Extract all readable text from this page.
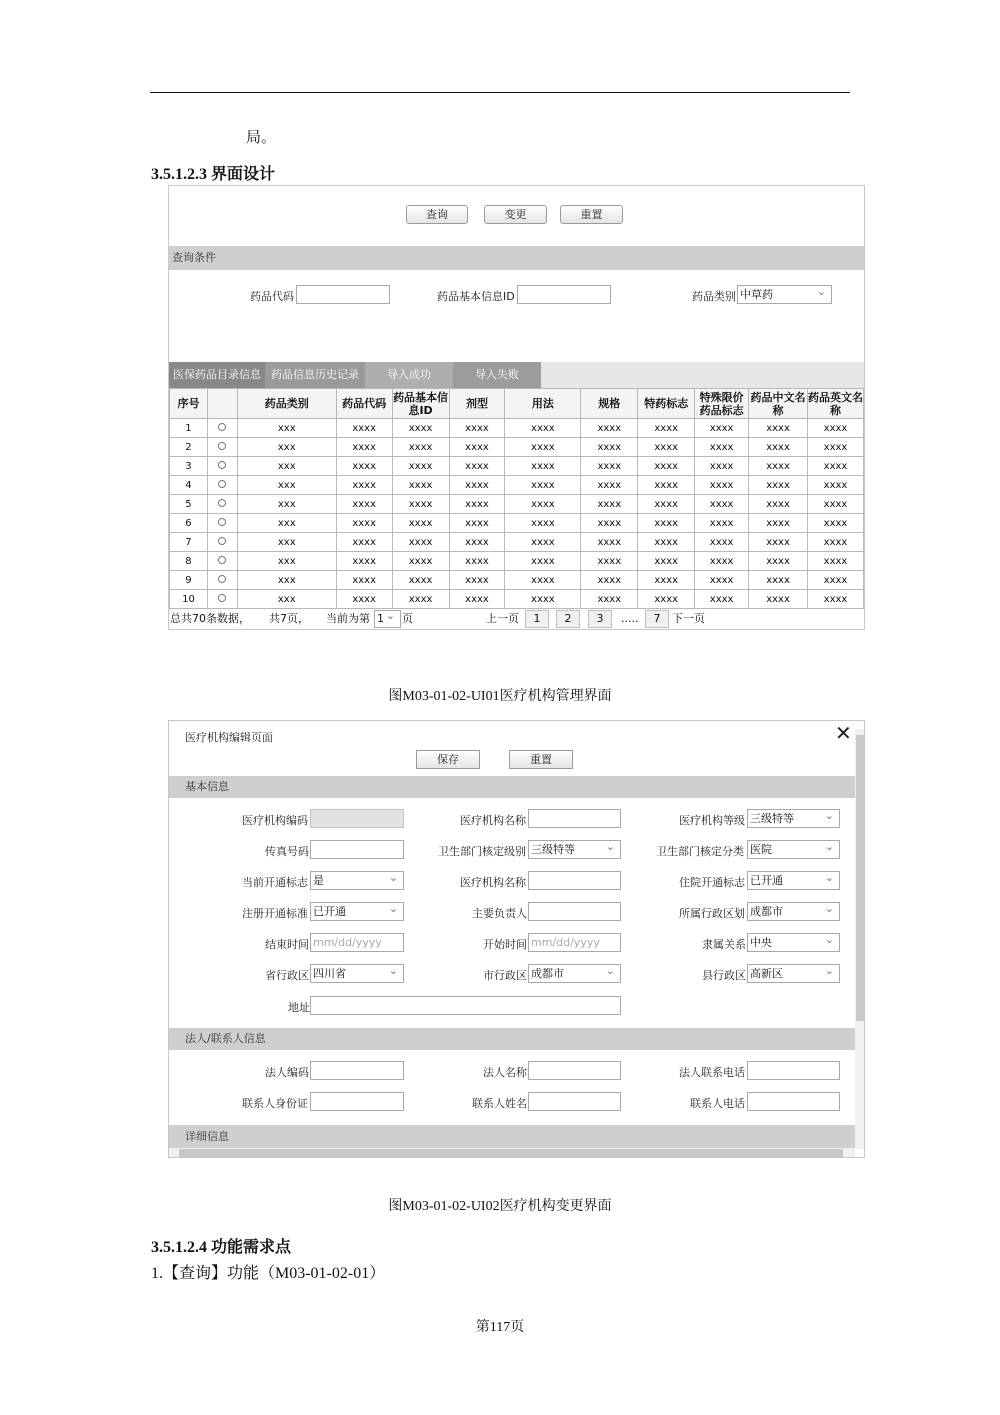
局。
3.5.1.2.3 界面设计
查询	变更	重置
查询条件
药品代码	药品基本信息ID	药品类别 中草药 ⌄
医保药品目录信息 药品信息历史记录	导入成功	导入失败
序号		药品类别	药品代码	药品基本信息ID	剂型	用法	规格	特药标志	特殊限价药品标志	药品中文名称	药品英文名称
1		xxx	xxxx	xxxx	xxxx	xxxx	xxxx	xxxx	xxxx	xxxx	xxxx
2		xxx	xxxx	xxxx	xxxx	xxxx	xxxx	xxxx	xxxx	xxxx	xxxx
3		xxx	xxxx	xxxx	xxxx	xxxx	xxxx	xxxx	xxxx	xxxx	xxxx
4		xxx	xxxx	xxxx	xxxx	xxxx	xxxx	xxxx	xxxx	xxxx	xxxx
5		xxx	xxxx	xxxx	xxxx	xxxx	xxxx	xxxx	xxxx	xxxx	xxxx
6		xxx	xxxx	xxxx	xxxx	xxxx	xxxx	xxxx	xxxx	xxxx	xxxx
7		xxx	xxxx	xxxx	xxxx	xxxx	xxxx	xxxx	xxxx	xxxx	xxxx
8		xxx	xxxx	xxxx	xxxx	xxxx	xxxx	xxxx	xxxx	xxxx	xxxx
9		xxx	xxxx	xxxx	xxxx	xxxx	xxxx	xxxx	xxxx	xxxx	xxxx
10		xxx	xxxx	xxxx	xxxx	xxxx	xxxx	xxxx	xxxx	xxxx	xxxx
总共70条数据， 共7页， 当前为第 1 ⌄	页	上一页	1	2	3	.....	7	下一页
图M03-01-02-UI01医疗机构管理界面
医疗机构编辑页面	✕
保存	重置
基本信息
医疗机构编码	医疗机构名称	医疗机构等级 三级特等 ⌄
传真号码	卫生部门核定级别 三级特等 ⌄	卫生部门核定分类 医院 ⌄
当前开通标志 是 ⌄	医疗机构名称	住院开通标志 已开通 ⌄
注册开通标准 已开通 ⌄	主要负责人	所属行政区划 成都市 ⌄
结束时间 mm/dd/yyyy	开始时间 mm/dd/yyyy	隶属关系 中央 ⌄
省行政区 四川省 ⌄	市行政区 成都市 ⌄	县行政区 高新区 ⌄
地址
法人/联系人信息
法人编码	法人名称	法人联系电话
联系人身份证	联系人姓名	联系人电话
详细信息
图M03-01-02-UI02医疗机构变更界面
3.5.1.2.4 功能需求点
1.【查询】功能（M03-01-02-01）
第117页
